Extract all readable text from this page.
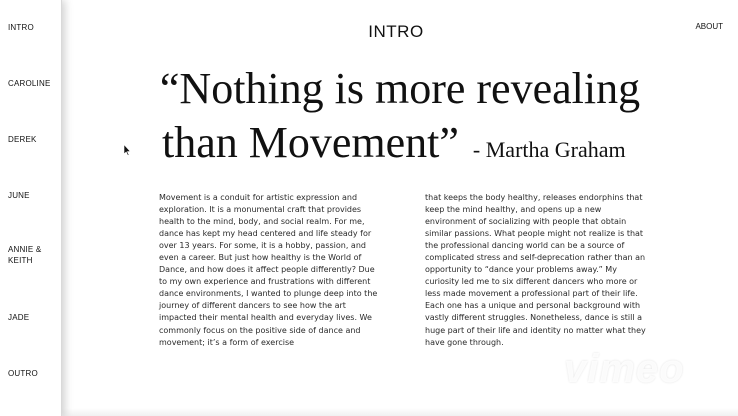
INTRO
CAROLINE
DEREK
JUNE
ANNIE &
KEITH
JADE
OUTRO
INTRO	ABOUT
“Nothing is more revealing
than Movement” - Martha Graham

Movement is a conduit for artistic expression and exploration. It is a monumental craft that provides health to the mind, body, and social realm. For me, dance has kept my head centered and life steady for over 13 years. For some, it is a hobby, passion, and even a career. But just how healthy is the World of Dance, and how does it affect people differently? Due to my own experience and frustrations with different dance environments, I wanted to plunge deep into the journey of different dancers to see how the art impacted their mental health and everyday lives. We commonly focus on the positive side of dance and movement; it’s a form of exercise

that keeps the body healthy, releases endorphins that keep the mind healthy, and opens up a new environment of socializing with people that obtain similar passions. What people might not realize is that the professional dancing world can be a source of complicated stress and self-deprecation rather than an opportunity to “dance your problems away.” My curiosity led me to six different dancers who more or less made movement a professional part of their life. Each one has a unique and personal background with vastly different struggles. Nonetheless, dance is still a huge part of their life and identity no matter what they have gone through.

vimeo
